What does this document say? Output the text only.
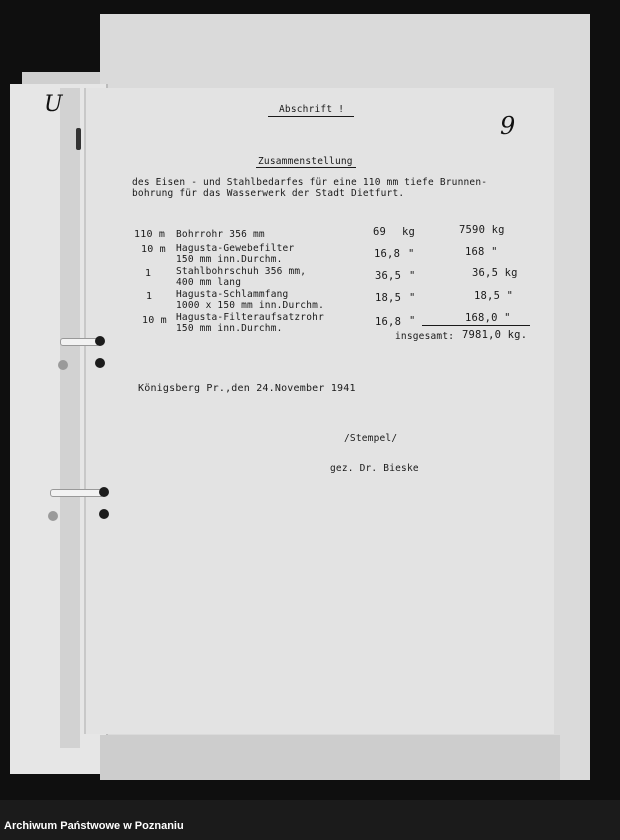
U
9
Abschrift !
Zusammenstellung
des Eisen - und Stahlbedarfes für eine 110 mm tiefe Brunnen-
bohrung für das Wasserwerk der Stadt Dietfurt.
110 m Bohrrohr 356 mm	69 kg	7590 kg
10 m Hagusta-Gewebefilter
150 mm inn.Durchm.	16,8 "	168 "
1	Stahlbohrschuh 356 mm,
400 mm lang
36,5 "	36,5 kg
1	Hagusta-Schlammfang
1000 x 150 mm inn.Durchm.
18,5 "	18,5 "
10 m Hagusta-Filteraufsatzrohr
150 mm inn.Durchm.
16,8 "	168,0 "
insgesamt: 7981,0 kg.
Königsberg Pr.,den 24.November 1941
/Stempel/
gez. Dr. Bieske
Archiwum Państwowe w Poznaniu
